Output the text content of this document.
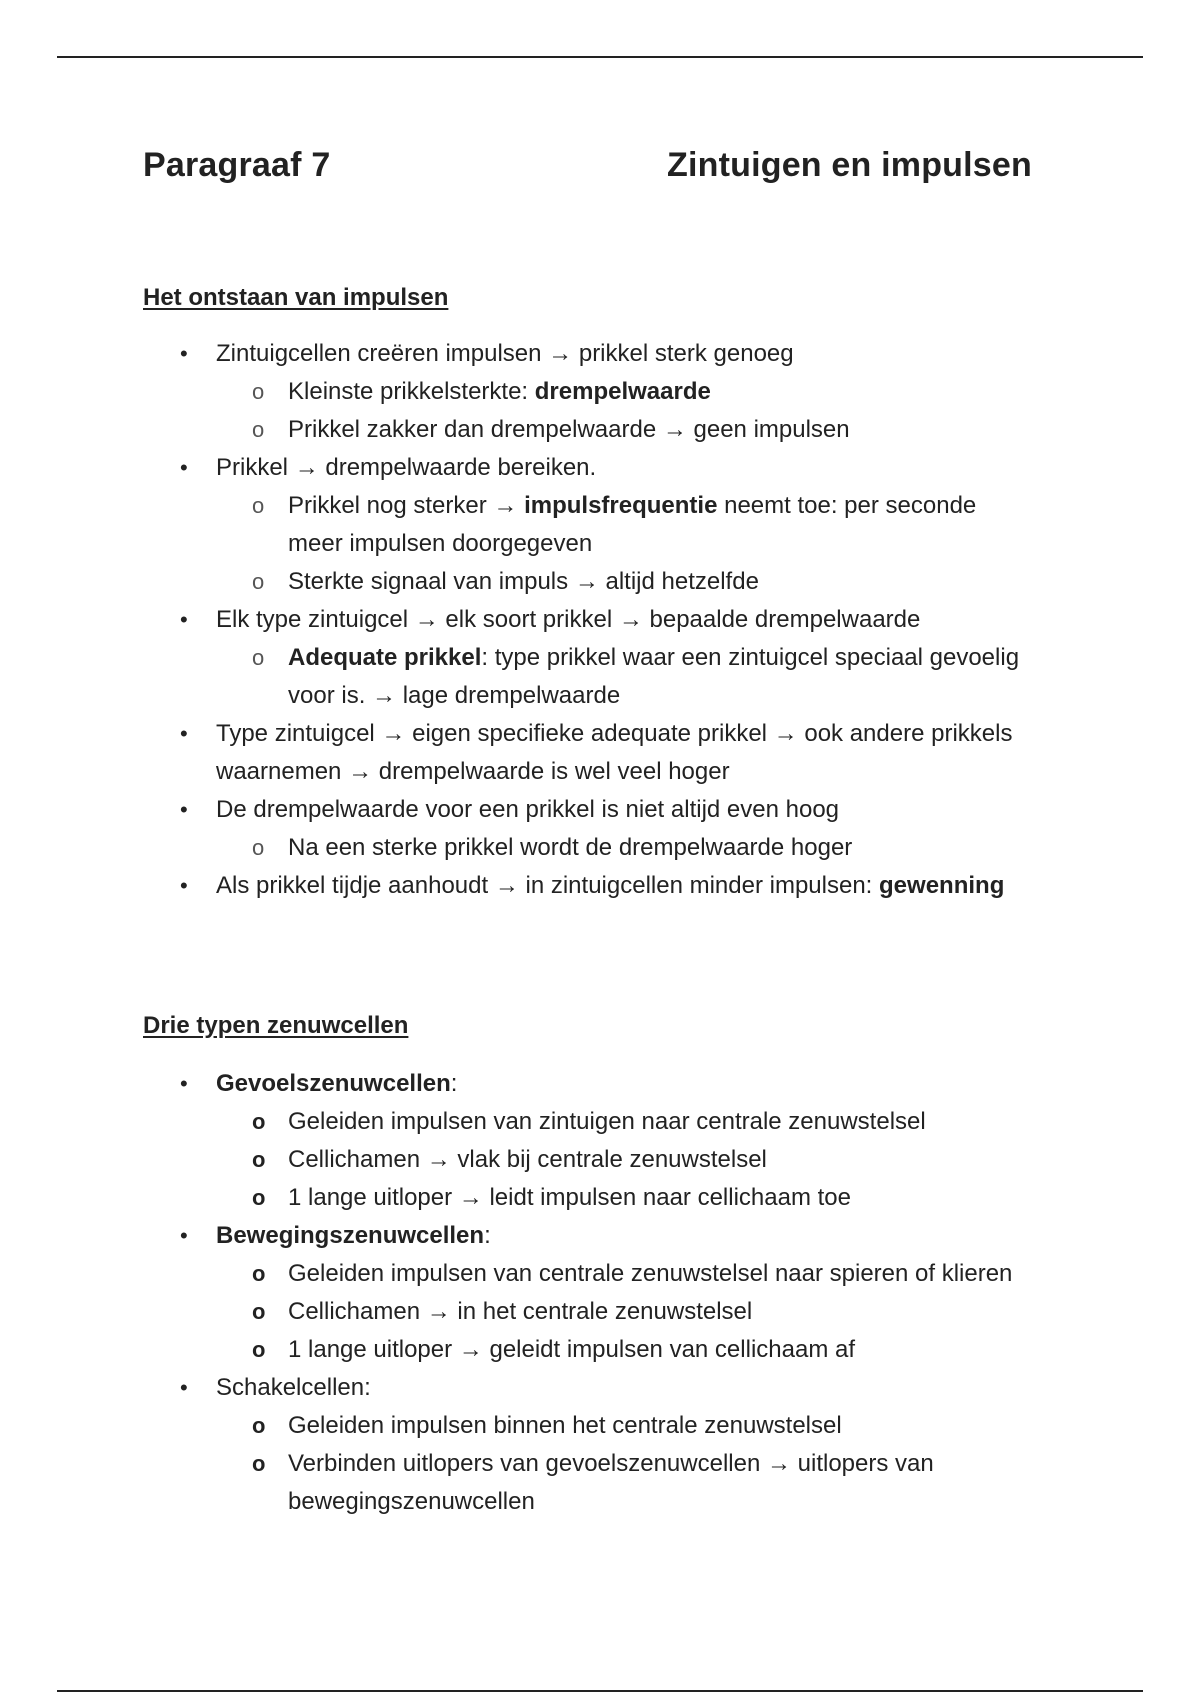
Paragraaf 7	Zintuigen en impulsen
Het ontstaan van impulsen
• Zintuigcellen creëren impulsen → prikkel sterk genoeg
o Kleinste prikkelsterkte: drempelwaarde
o Prikkel zakker dan drempelwaarde → geen impulsen
• Prikkel → drempelwaarde bereiken.
o Prikkel nog sterker → impulsfrequentie neemt toe: per seconde meer impulsen doorgegeven
o Sterkte signaal van impuls → altijd hetzelfde
• Elk type zintuigcel → elk soort prikkel → bepaalde drempelwaarde
o Adequate prikkel: type prikkel waar een zintuigcel speciaal gevoelig voor is. → lage drempelwaarde
• Type zintuigcel → eigen specifieke adequate prikkel → ook andere prikkels waarnemen → drempelwaarde is wel veel hoger
• De drempelwaarde voor een prikkel is niet altijd even hoog
o Na een sterke prikkel wordt de drempelwaarde hoger
• Als prikkel tijdje aanhoudt → in zintuigcellen minder impulsen: gewenning
Drie typen zenuwcellen
• Gevoelszenuwcellen:
o Geleiden impulsen van zintuigen naar centrale zenuwstelsel
o Cellichamen → vlak bij centrale zenuwstelsel
o 1 lange uitloper → leidt impulsen naar cellichaam toe
• Bewegingszenuwcellen:
o Geleiden impulsen van centrale zenuwstelsel naar spieren of klieren
o Cellichamen → in het centrale zenuwstelsel
o 1 lange uitloper → geleidt impulsen van cellichaam af
• Schakelcellen:
o Geleiden impulsen binnen het centrale zenuwstelsel
o Verbinden uitlopers van gevoelszenuwcellen → uitlopers van bewegingszenuwcellen
